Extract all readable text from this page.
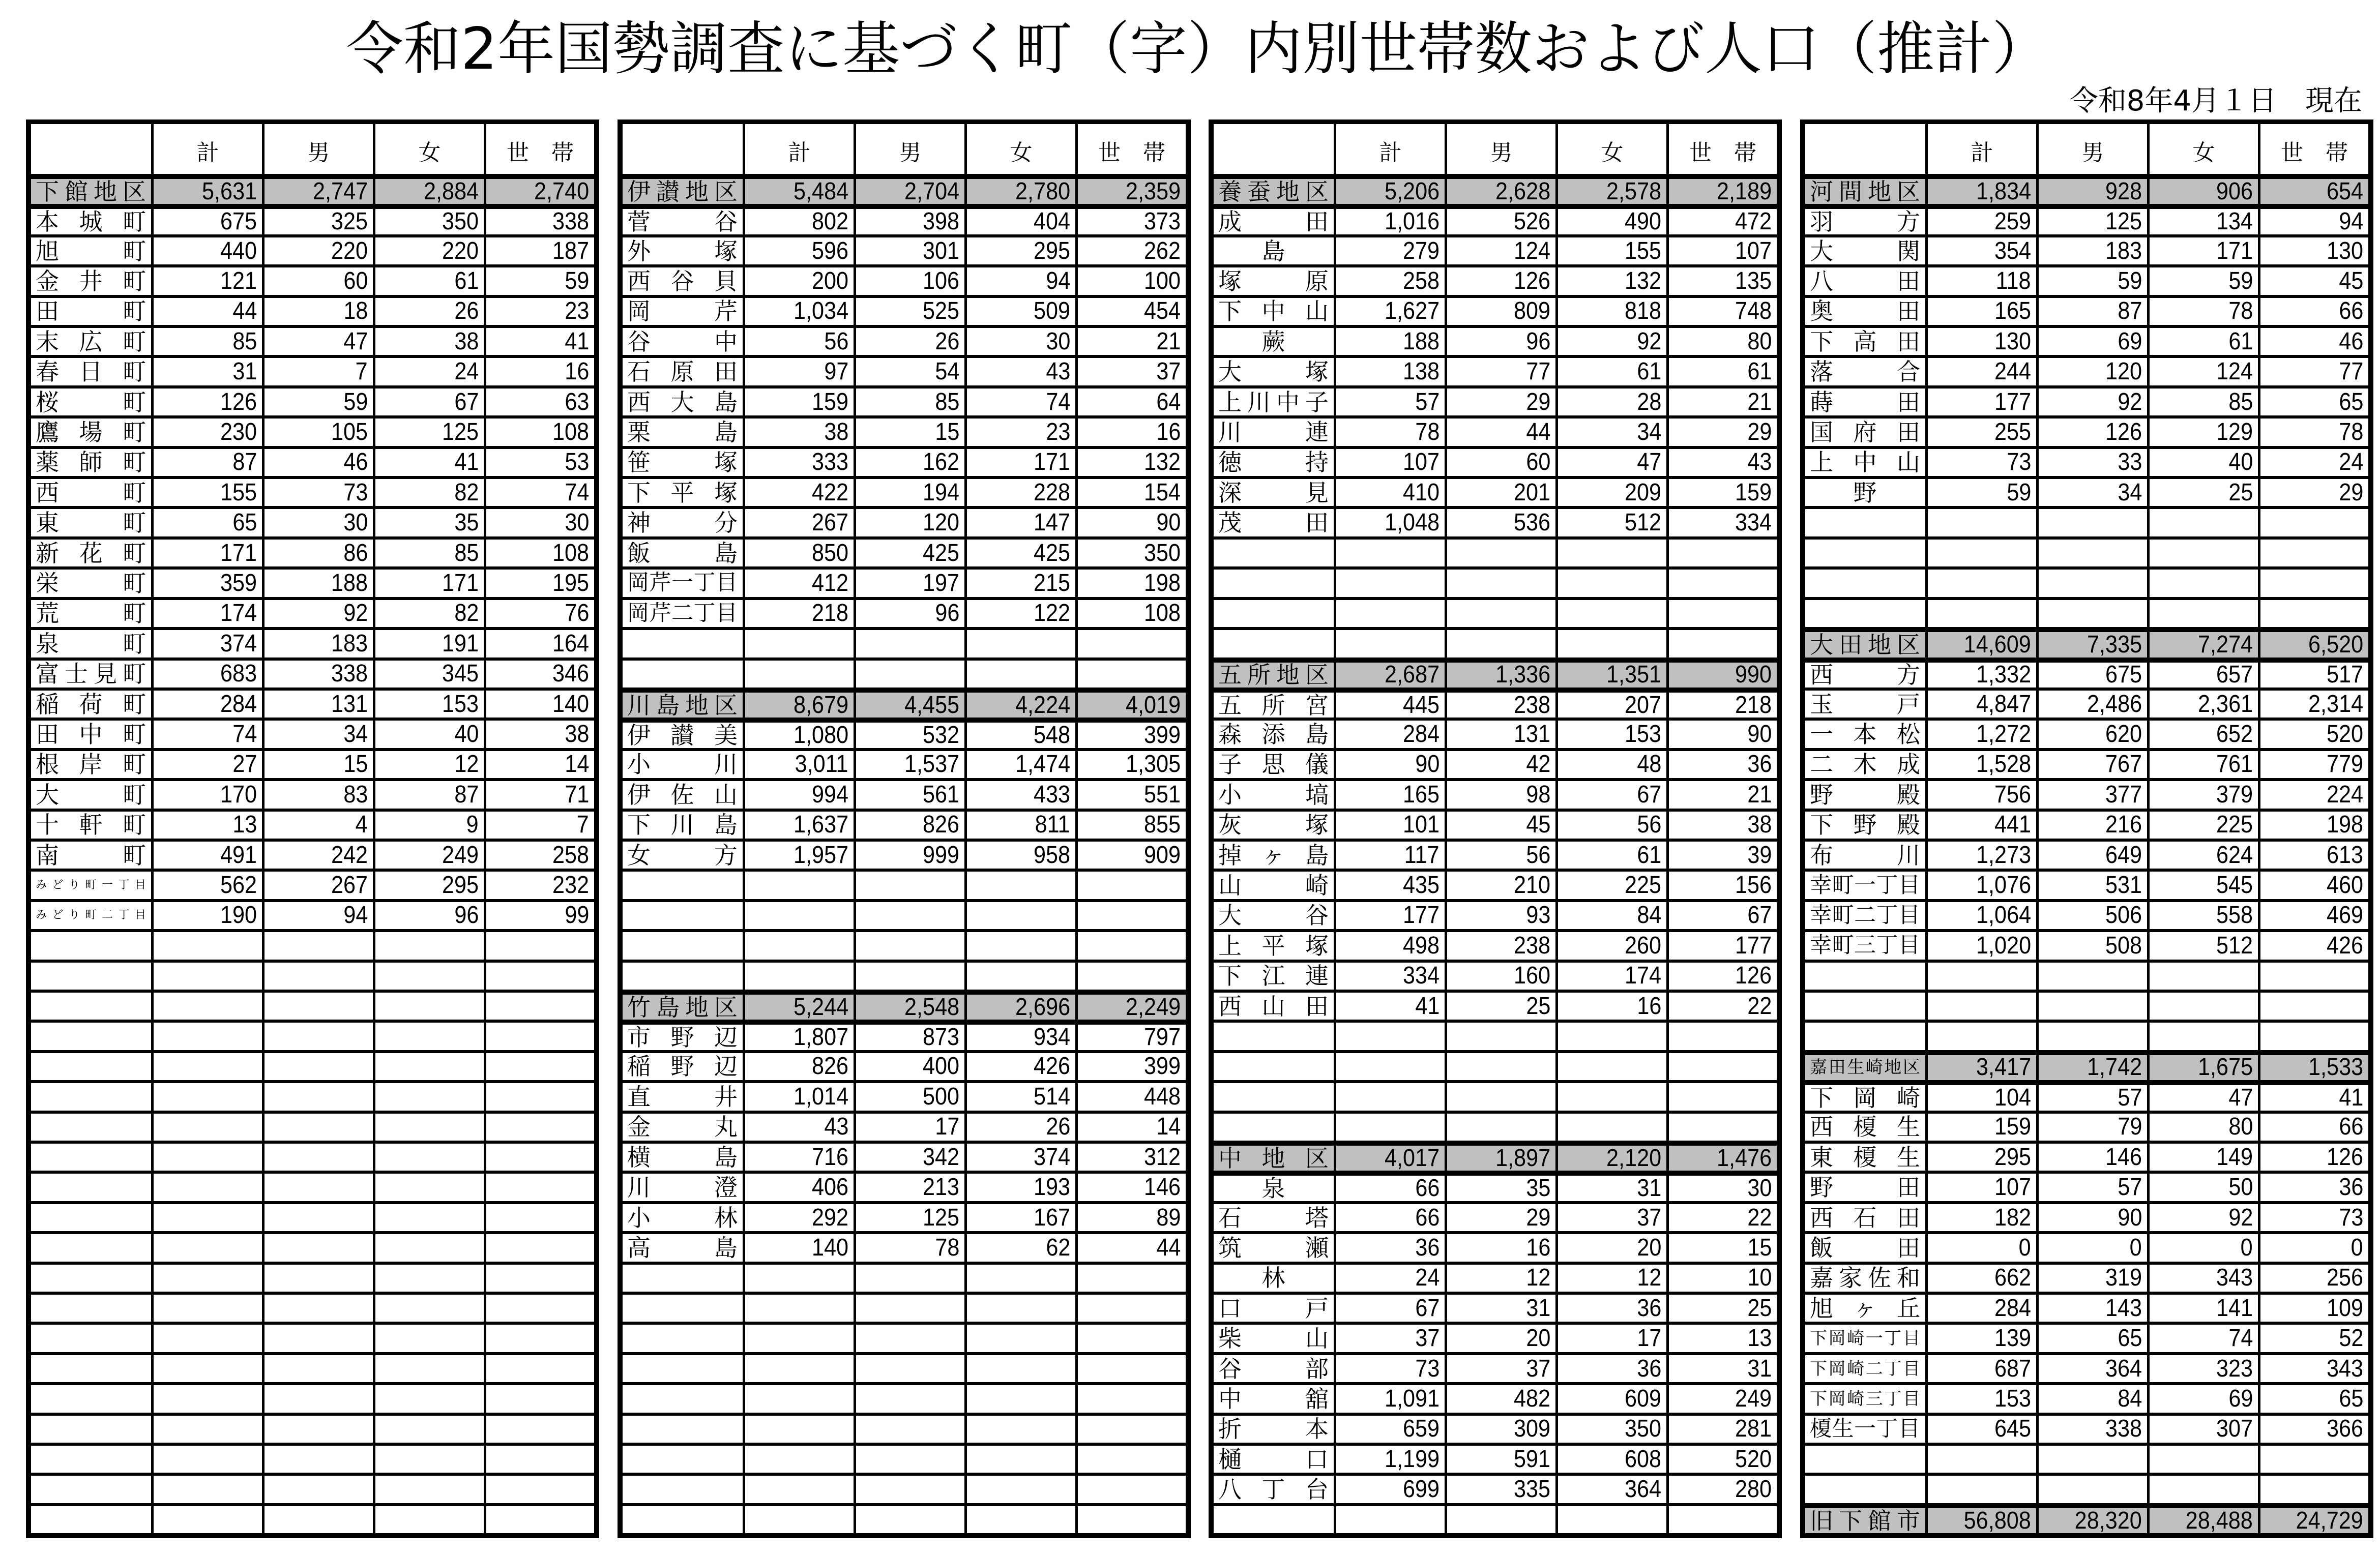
令和2年国勢調査に基づく町（字）内別世帯数および人口（推計）
令和8年4月１日　現在
計	男	女	世帯
下 館 地 区 5,631 2,747 2,884 2,740
本 城 町	675	325	350	338
旭	町	440	220	220	187
金 井 町	121	60	61	59
田	町	44	18	26	23
末 広 町	85	47	38	41
春 日 町	31	7	24	16
桜	町	126	59	67	63
鷹 場 町	230	105	125	108
薬 師 町	87	46	41	53
西	町	155	73	82	74
東	町	65	30	35	30
新 花 町	171	86	85	108
栄	町	359	188	171	195
荒	町	174	92	82	76
泉	町	374	183	191	164
富 士 見 町	683	338	345	346
稲 荷 町	284	131	153	140
田 中 町	74	34	40	38
根 岸 町	27	15	12	14
大	町	170	83	87	71
十 軒 町	13	4	9	7
南	町	491	242	249	258
み ど り 町 一 丁 目	562	267	295	232
み ど り 町 二 丁 目	190	94	96	99
計	男	女	世帯
伊 讃 地 区 5,484 2,704 2,780 2,359
菅	谷	802	398	404	373
外	塚	596	301	295	262
西 谷 貝	200	106	94	100
岡	芹 1,034	525	509	454
谷	中	56	26	30	21
石 原 田	97	54	43	37
西 大 島	159	85	74	64
栗	島	38	15	23	16
笹	塚	333	162	171	132
下 平 塚	422	194	228	154
神	分	267	120	147	90
飯	島	850	425	425	350
岡 芹 一 丁 目	412	197	215	198
岡 芹 二 丁 目	218	96	122	108
川 島 地 区 8,679 4,455 4,224 4,019
伊 讃 美 1,080	532	548	399
小	川 3,011 1,537 1,474 1,305
伊 佐 山	994	561	433	551
下 川 島 1,637	826	811	855
女	方 1,957	999	958	909
竹 島 地 区 5,244 2,548 2,696 2,249
市 野 辺 1,807	873	934	797
稲 野 辺	826	400	426	399
直	井 1,014	500	514	448
金	丸	43	17	26	14
横	島	716	342	374	312
川	澄	406	213	193	146
小	林	292	125	167	89
高	島	140	78	62	44
計	男	女	世帯
養 蚕 地 区 5,206 2,628 2,578 2,189
成	田 1,016	526	490	472
島	279	124	155	107
塚	原	258	126	132	135
下 中 山 1,627	809	818	748
蕨	188	96	92	80
大	塚	138	77	61	61
上 川 中 子	57	29	28	21
川	連	78	44	34	29
徳	持	107	60	47	43
深	見	410	201	209	159
茂	田 1,048	536	512	334
五 所 地 区 2,687 1,336 1,351	990
五 所 宮	445	238	207	218
森 添 島	284	131	153	90
子 思 儀	90	42	48	36
小	塙	165	98	67	21
灰	塚	101	45	56	38
掉 ヶ 島	117	56	61	39
山	崎	435	210	225	156
大	谷	177	93	84	67
上 平 塚	498	238	260	177
下 江 連	334	160	174	126
西 山 田	41	25	16	22
中 地 区 4,017 1,897 2,120 1,476
泉	66	35	31	30
石	塔	66	29	37	22
筑	瀬	36	16	20	15
林	24	12	12	10
口	戸	67	31	36	25
柴	山	37	20	17	13
谷	部	73	37	36	31
中	舘 1,091	482	609	249
折	本	659	309	350	281
樋	口 1,199	591	608	520
八 丁 台	699	335	364	280
計	男	女	世帯
河 間 地 区 1,834	928	906	654
羽	方	259	125	134	94
大	関	354	183	171	130
八	田	118	59	59	45
奥	田	165	87	78	66
下 高 田	130	69	61	46
落	合	244	120	124	77
蒔	田	177	92	85	65
国 府 田	255	126	129	78
上 中 山	73	33	40	24
野	59	34	25	29
大 田 地 区 14,609 7,335 7,274 6,520
西	方 1,332	675	657	517
玉	戸 4,847 2,486 2,361 2,314
一 本 松 1,272	620	652	520
二 木 成 1,528	767	761	779
野	殿	756	377	379	224
下 野 殿	441	216	225	198
布	川 1,273	649	624	613
幸 町 一 丁 目 1,076	531	545	460
幸 町 二 丁 目 1,064	506	558	469
幸 町 三 丁 目 1,020	508	512	426
嘉 田 生 崎 地 区 3,417 1,742 1,675 1,533
下 岡 崎	104	57	47	41
西 榎 生	159	79	80	66
東 榎 生	295	146	149	126
野	田	107	57	50	36
西 石 田	182	90	92	73
飯	田	0	0	0	0
嘉 家 佐 和	662	319	343	256
旭 ヶ 丘	284	143	141	109
下 岡 崎 一 丁 目	139	65	74	52
下 岡 崎 二 丁 目	687	364	323	343
下 岡 崎 三 丁 目	153	84	69	65
榎 生 一 丁 目	645	338	307	366
旧 下 館 市 56,808 28,320 28,488 24,729
